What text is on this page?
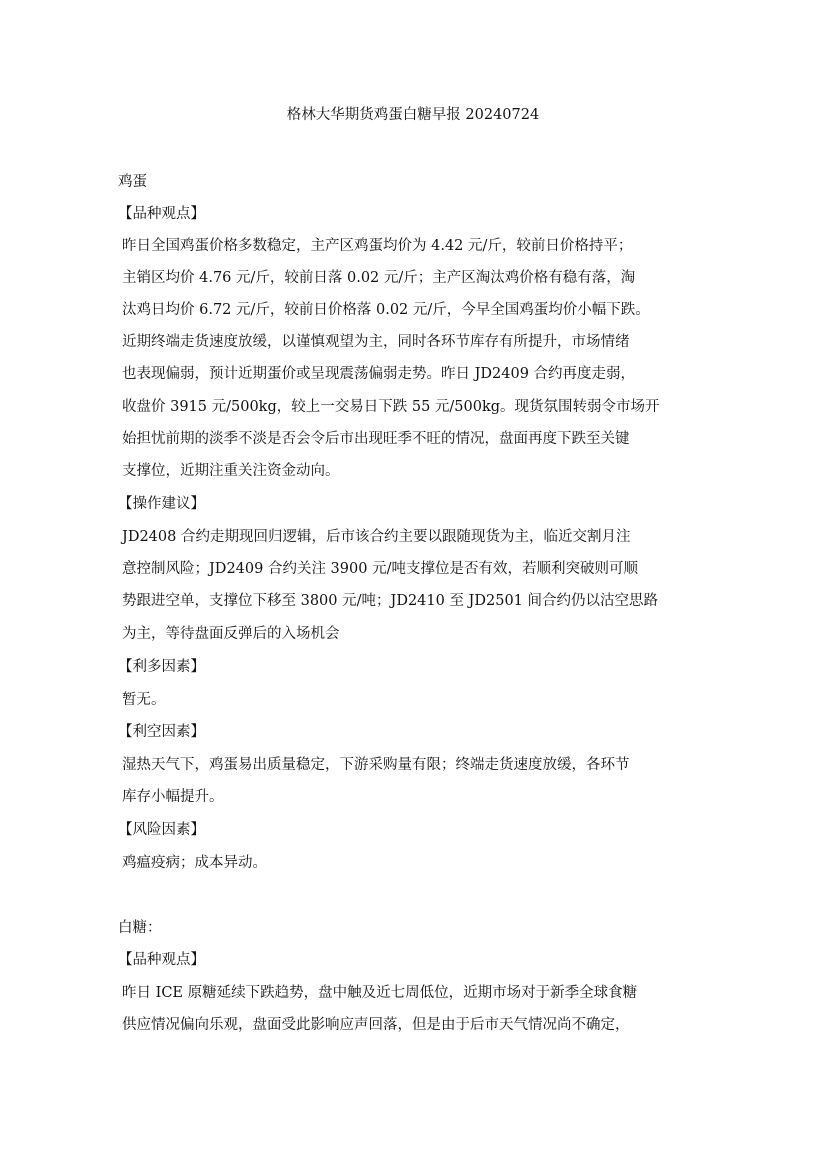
格林大华期货鸡蛋白糖早报 20240724
鸡蛋
【品种观点】
昨日全国鸡蛋价格多数稳定，主产区鸡蛋均价为 4.42 元/斤，较前日价格持平；
主销区均价 4.76 元/斤，较前日落 0.02 元/斤；主产区淘汰鸡价格有稳有落，淘
汰鸡日均价 6.72 元/斤，较前日价格落 0.02 元/斤，今早全国鸡蛋均价小幅下跌。
近期终端走货速度放缓，以谨慎观望为主，同时各环节库存有所提升，市场情绪
也表现偏弱，预计近期蛋价或呈现震荡偏弱走势。昨日 JD2409 合约再度走弱，
收盘价 3915 元/500kg，较上一交易日下跌 55 元/500kg。现货氛围转弱令市场开
始担忧前期的淡季不淡是否会令后市出现旺季不旺的情况，盘面再度下跌至关键
支撑位，近期注重关注资金动向。
【操作建议】
JD2408 合约走期现回归逻辑，后市该合约主要以跟随现货为主，临近交割月注
意控制风险；JD2409 合约关注 3900 元/吨支撑位是否有效，若顺利突破则可顺
势跟进空单，支撑位下移至 3800 元/吨；JD2410 至 JD2501 间合约仍以沽空思路
为主，等待盘面反弹后的入场机会
【利多因素】
暂无。
【利空因素】
湿热天气下，鸡蛋易出质量稳定，下游采购量有限；终端走货速度放缓，各环节
库存小幅提升。
【风险因素】
鸡瘟疫病；成本异动。
白糖：
【品种观点】
昨日 ICE 原糖延续下跌趋势，盘中触及近七周低位，近期市场对于新季全球食糖
供应情况偏向乐观，盘面受此影响应声回落，但是由于后市天气情况尚不确定，
